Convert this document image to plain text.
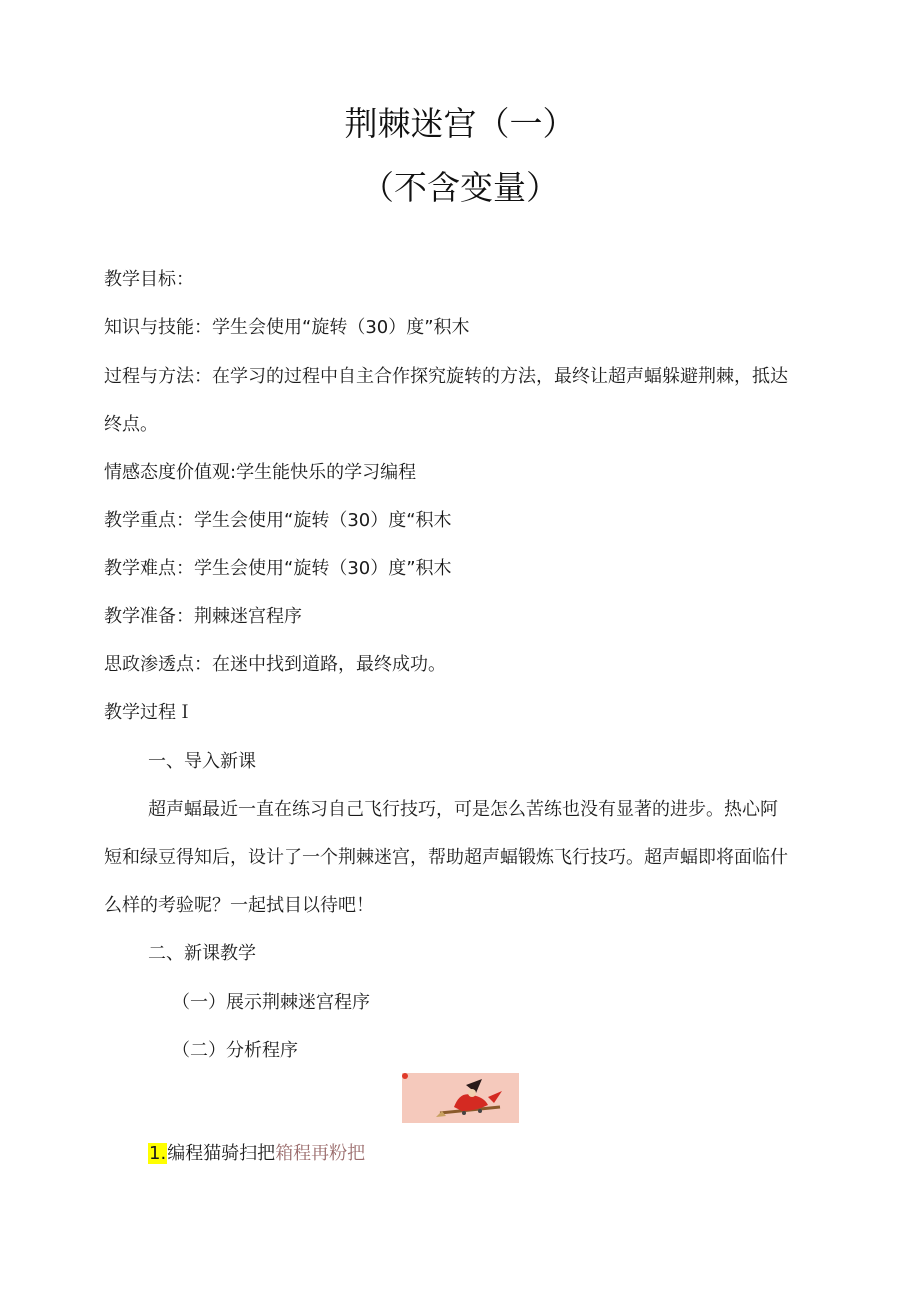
荆棘迷宫（一）
（不含变量）

教学目标：

知识与技能：学生会使用“旋转（30）度”积木

过程与方法：在学习的过程中自主合作探究旋转的方法，最终让超声蝠躲避荆棘，抵达

终点。

情感态度价值观:学生能快乐的学习编程

教学重点：学生会使用“旋转（30）度“积木

教学难点：学生会使用“旋转（30）度”积木

教学准备：荆棘迷宫程序

思政渗透点：在迷中找到道路，最终成功。

教学过程Ｉ

一、导入新课

超声蝠最近一直在练习自己飞行技巧，可是怎么苦练也没有显著的进步。热心阿

短和绿豆得知后，设计了一个荆棘迷宫，帮助超声蝠锻炼飞行技巧。超声蝠即将面临什

么样的考验呢？一起拭目以待吧！

二、新课教学

（一）展示荆棘迷宫程序

（二）分析程序

1.编程猫骑扫把箱程再粉把
